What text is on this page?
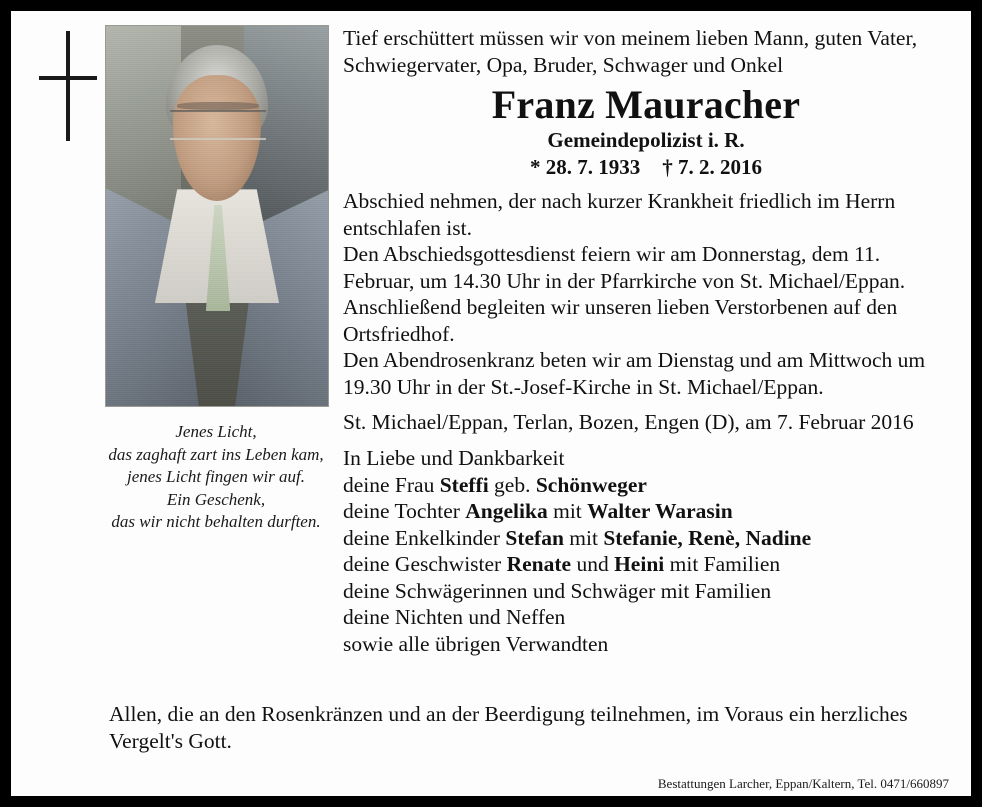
Jenes Licht,
das zaghaft zart ins Leben kam,
jenes Licht fingen wir auf.
Ein Geschenk,
das wir nicht behalten durften.

Tief erschüttert müssen wir von meinem lieben Mann, guten Vater, Schwiegervater, Opa, Bruder, Schwager und Onkel

Franz Mauracher
Gemeindepolizist i. R.
* 28. 7. 1933 † 7. 2. 2016

Abschied nehmen, der nach kurzer Krankheit friedlich im Herrn entschlafen ist.

Den Abschiedsgottesdienst feiern wir am Donnerstag, dem 11. Februar, um 14.30 Uhr in der Pfarrkirche von St. Michael/Eppan. Anschließend begleiten wir unseren lieben Verstorbenen auf den Ortsfriedhof.

Den Abendrosenkranz beten wir am Dienstag und am Mittwoch um 19.30 Uhr in der St.-Josef-Kirche in St. Michael/Eppan.

St. Michael/Eppan, Terlan, Bozen, Engen (D), am 7. Februar 2016

In Liebe und Dankbarkeit

deine Frau Steffi geb. Schönweger

deine Tochter Angelika mit Walter Warasin

deine Enkelkinder Stefan mit Stefanie, Renè, Nadine

deine Geschwister Renate und Heini mit Familien

deine Schwägerinnen und Schwäger mit Familien

deine Nichten und Neffen

sowie alle übrigen Verwandten

Allen, die an den Rosenkränzen und an der Beerdigung teilnehmen, im Voraus ein herzliches Vergelt's Gott.

Bestattungen Larcher, Eppan/Kaltern, Tel. 0471/660897
